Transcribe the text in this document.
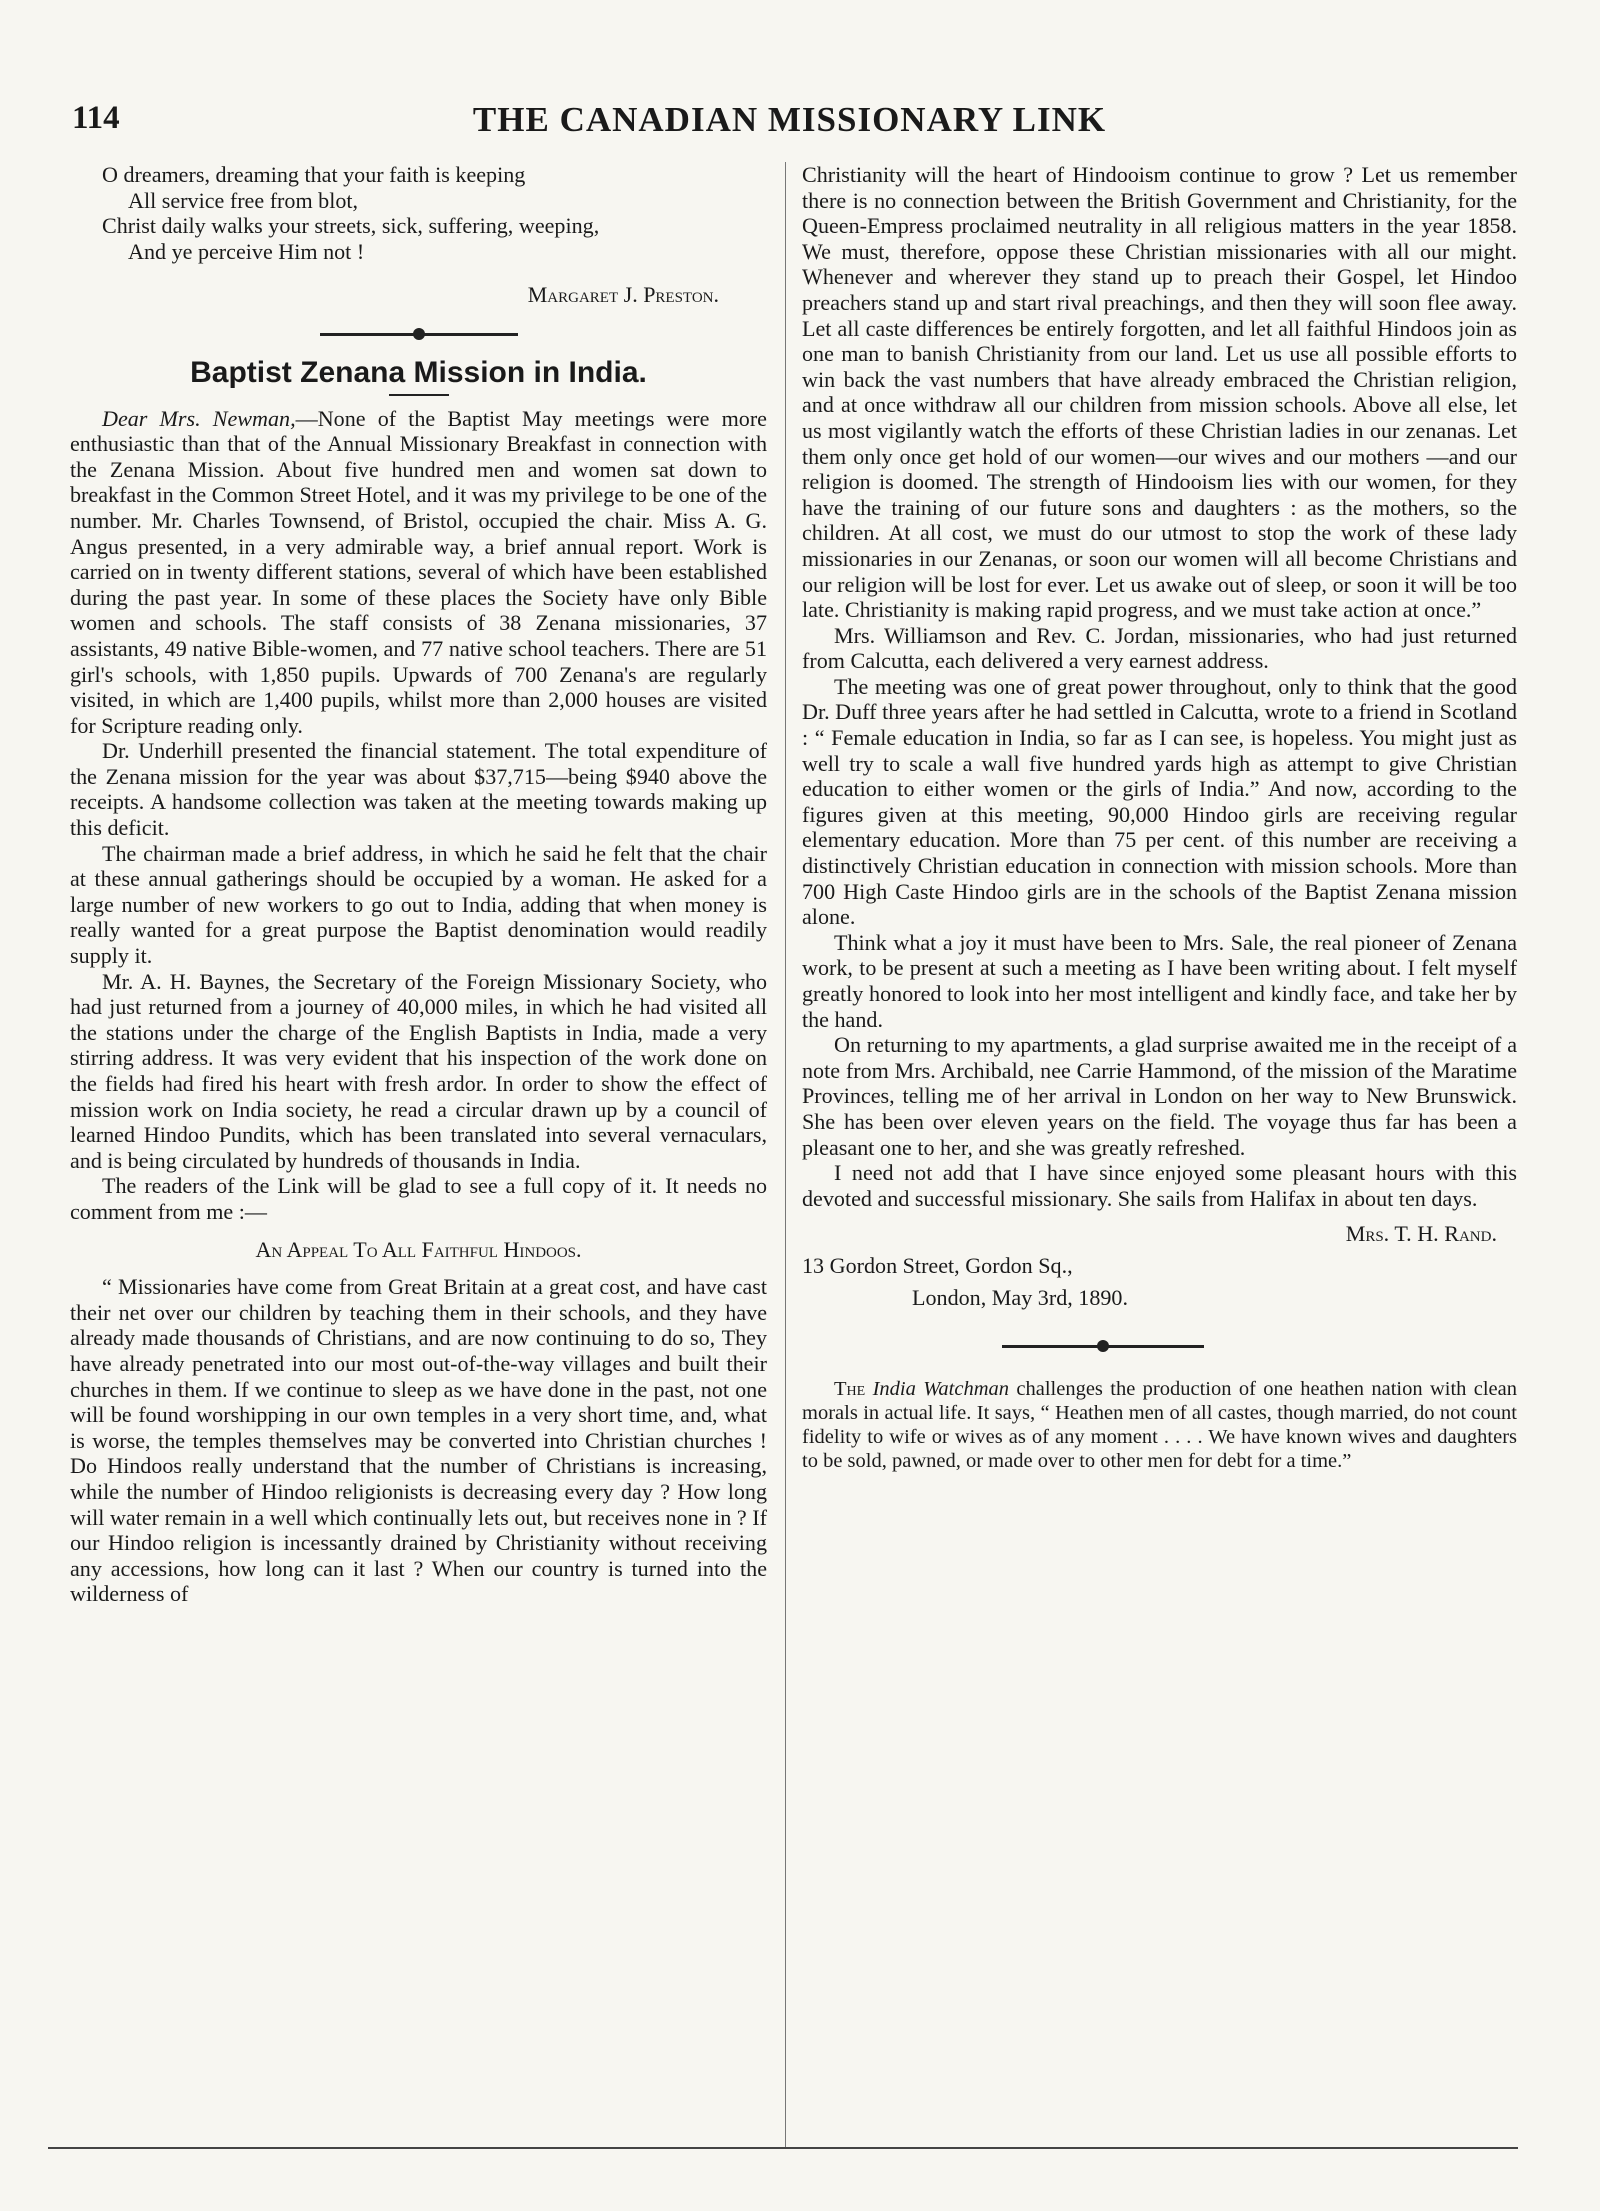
114	THE CANADIAN MISSIONARY LINK
O dreamers, dreaming that your faith is keeping
All service free from blot,
Christ daily walks your streets, sick, suffering, weeping,
And ye perceive Him not !
Margaret J. Preston.
Baptist Zenana Mission in India.

Dear Mrs. Newman,—None of the Baptist May meetings were more enthusiastic than that of the Annual Missionary Breakfast in connection with the Zenana Mission. About five hundred men and women sat down to breakfast in the Common Street Hotel, and it was my privilege to be one of the number. Mr. Charles Townsend, of Bristol, occupied the chair. Miss A. G. Angus presented, in a very admirable way, a brief annual report. Work is carried on in twenty different stations, several of which have been established during the past year. In some of these places the Society have only Bible women and schools. The staff consists of 38 Zenana missionaries, 37 assistants, 49 native Bible-women, and 77 native school teachers. There are 51 girl's schools, with 1,850 pupils. Upwards of 700 Zenana's are regularly visited, in which are 1,400 pupils, whilst more than 2,000 houses are visited for Scripture reading only.

Dr. Underhill presented the financial statement. The total expenditure of the Zenana mission for the year was about $37,715—being $940 above the receipts. A handsome collection was taken at the meeting towards making up this deficit.

The chairman made a brief address, in which he said he felt that the chair at these annual gatherings should be occupied by a woman. He asked for a large number of new workers to go out to India, adding that when money is really wanted for a great purpose the Baptist denomination would readily supply it.

Mr. A. H. Baynes, the Secretary of the Foreign Missionary Society, who had just returned from a journey of 40,000 miles, in which he had visited all the stations under the charge of the English Baptists in India, made a very stirring address. It was very evident that his inspection of the work done on the fields had fired his heart with fresh ardor. In order to show the effect of mission work on India society, he read a circular drawn up by a council of learned Hindoo Pundits, which has been translated into several vernaculars, and is being circulated by hundreds of thousands in India.

The readers of the Link will be glad to see a full copy of it. It needs no comment from me :—

An Appeal To All Faithful Hindoos.

“ Missionaries have come from Great Britain at a great cost, and have cast their net over our children by teaching them in their schools, and they have already made thousands of Christians, and are now continuing to do so, They have already penetrated into our most out-of-the-way villages and built their churches in them. If we continue to sleep as we have done in the past, not one will be found worshipping in our own temples in a very short time, and, what is worse, the temples themselves may be converted into Christian churches ! Do Hindoos really understand that the number of Christians is increasing, while the number of Hindoo religionists is decreasing every day ? How long will water remain in a well which continually lets out, but receives none in ? If our Hindoo religion is incessantly drained by Christianity without receiving any accessions, how long can it last ? When our country is turned into the wilderness of

Christianity will the heart of Hindooism continue to grow ? Let us remember there is no connection between the British Government and Christianity, for the Queen-Empress proclaimed neutrality in all religious matters in the year 1858. We must, therefore, oppose these Christian missionaries with all our might. Whenever and wherever they stand up to preach their Gospel, let Hindoo preachers stand up and start rival preachings, and then they will soon flee away. Let all caste differences be entirely forgotten, and let all faithful Hindoos join as one man to banish Christianity from our land. Let us use all possible efforts to win back the vast numbers that have already embraced the Christian religion, and at once withdraw all our children from mission schools. Above all else, let us most vigilantly watch the efforts of these Christian ladies in our zenanas. Let them only once get hold of our women—our wives and our mothers —and our religion is doomed. The strength of Hindooism lies with our women, for they have the training of our future sons and daughters : as the mothers, so the children. At all cost, we must do our utmost to stop the work of these lady missionaries in our Zenanas, or soon our women will all become Christians and our religion will be lost for ever. Let us awake out of sleep, or soon it will be too late. Christianity is making rapid progress, and we must take action at once.”

Mrs. Williamson and Rev. C. Jordan, missionaries, who had just returned from Calcutta, each delivered a very earnest address.

The meeting was one of great power throughout, only to think that the good Dr. Duff three years after he had settled in Calcutta, wrote to a friend in Scotland : “ Female education in India, so far as I can see, is hopeless. You might just as well try to scale a wall five hundred yards high as attempt to give Christian education to either women or the girls of India.” And now, according to the figures given at this meeting, 90,000 Hindoo girls are receiving regular elementary education. More than 75 per cent. of this number are receiving a distinctively Christian education in connection with mission schools. More than 700 High Caste Hindoo girls are in the schools of the Baptist Zenana mission alone.

Think what a joy it must have been to Mrs. Sale, the real pioneer of Zenana work, to be present at such a meeting as I have been writing about. I felt myself greatly honored to look into her most intelligent and kindly face, and take her by the hand.

On returning to my apartments, a glad surprise awaited me in the receipt of a note from Mrs. Archibald, nee Carrie Hammond, of the mission of the Maratime Provinces, telling me of her arrival in London on her way to New Brunswick. She has been over eleven years on the field. The voyage thus far has been a pleasant one to her, and she was greatly refreshed.

I need not add that I have since enjoyed some pleasant hours with this devoted and successful missionary. She sails from Halifax in about ten days.

Mrs. T. H. Rand.
13 Gordon Street, Gordon Sq.,
London, May 3rd, 1890.

The India Watchman challenges the production of one heathen nation with clean morals in actual life. It says, “ Heathen men of all castes, though married, do not count fidelity to wife or wives as of any moment . . . . We have known wives and daughters to be sold, pawned, or made over to other men for debt for a time.”
